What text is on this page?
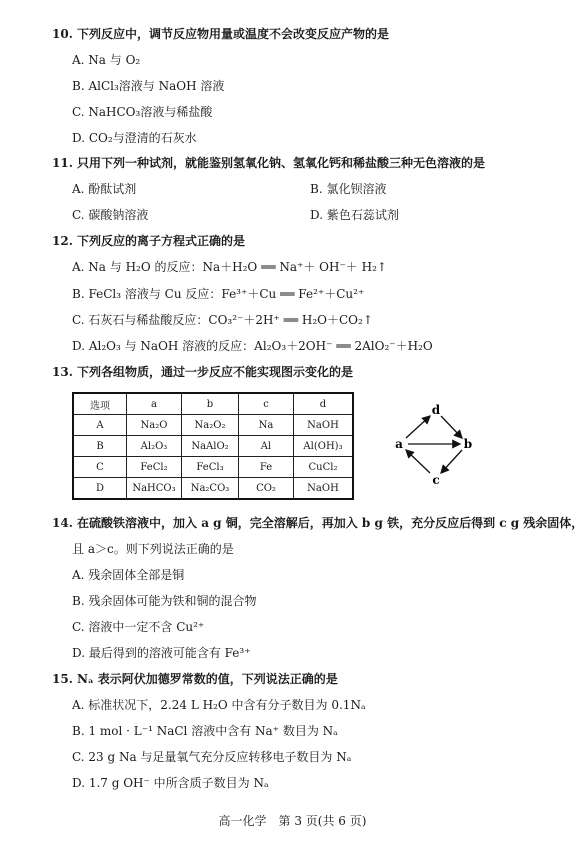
10. 下列反应中，调节反应物用量或温度不会改变反应产物的是
A. Na 与 O₂
B. AlCl₃溶液与 NaOH 溶液
C. NaHCO₃溶液与稀盐酸
D. CO₂与澄清的石灰水
11. 只用下列一种试剂，就能鉴别氢氧化钠、氢氧化钙和稀盐酸三种无色溶液的是
A. 酚酞试剂	B. 氯化钡溶液
C. 碳酸钠溶液	D. 紫色石蕊试剂
12. 下列反应的离子方程式正确的是
A. Na 与 H₂O 的反应：Na＋H₂O ══ Na⁺＋ OH⁻＋ H₂↑
B. FeCl₃ 溶液与 Cu 反应：Fe³⁺＋Cu ══ Fe²⁺＋Cu²⁺
C. 石灰石与稀盐酸反应：CO₃²⁻＋2H⁺ ══ H₂O＋CO₂↑
D. Al₂O₃ 与 NaOH 溶液的反应：Al₂O₃＋2OH⁻ ══ 2AlO₂⁻＋H₂O
13. 下列各组物质，通过一步反应不能实现图示变化的是
选项	a	b	c	d
A	Na₂O	Na₂O₂	Na	NaOH
B	Al₂O₃	NaAlO₂	Al	Al(OH)₃
C	FeCl₂	FeCl₃	Fe	CuCl₂
D	NaHCO₃	Na₂CO₃	CO₂	NaOH
d
a	b
c
14. 在硫酸铁溶液中，加入 a g 铜，完全溶解后，再加入 b g 铁，充分反应后得到 c g 残余固体，
且 a＞c。则下列说法正确的是
A. 残余固体全部是铜
B. 残余固体可能为铁和铜的混合物
C. 溶液中一定不含 Cu²⁺
D. 最后得到的溶液可能含有 Fe³⁺
15. Nₐ 表示阿伏加德罗常数的值，下列说法正确的是
A. 标准状况下，2.24 L H₂O 中含有分子数目为 0.1Nₐ
B. 1 mol · L⁻¹ NaCl 溶液中含有 Na⁺ 数目为 Nₐ
C. 23 g Na 与足量氧气充分反应转移电子数目为 Nₐ
D. 1.7 g OH⁻ 中所含质子数目为 Nₐ
高一化学　第 3 页(共 6 页)
